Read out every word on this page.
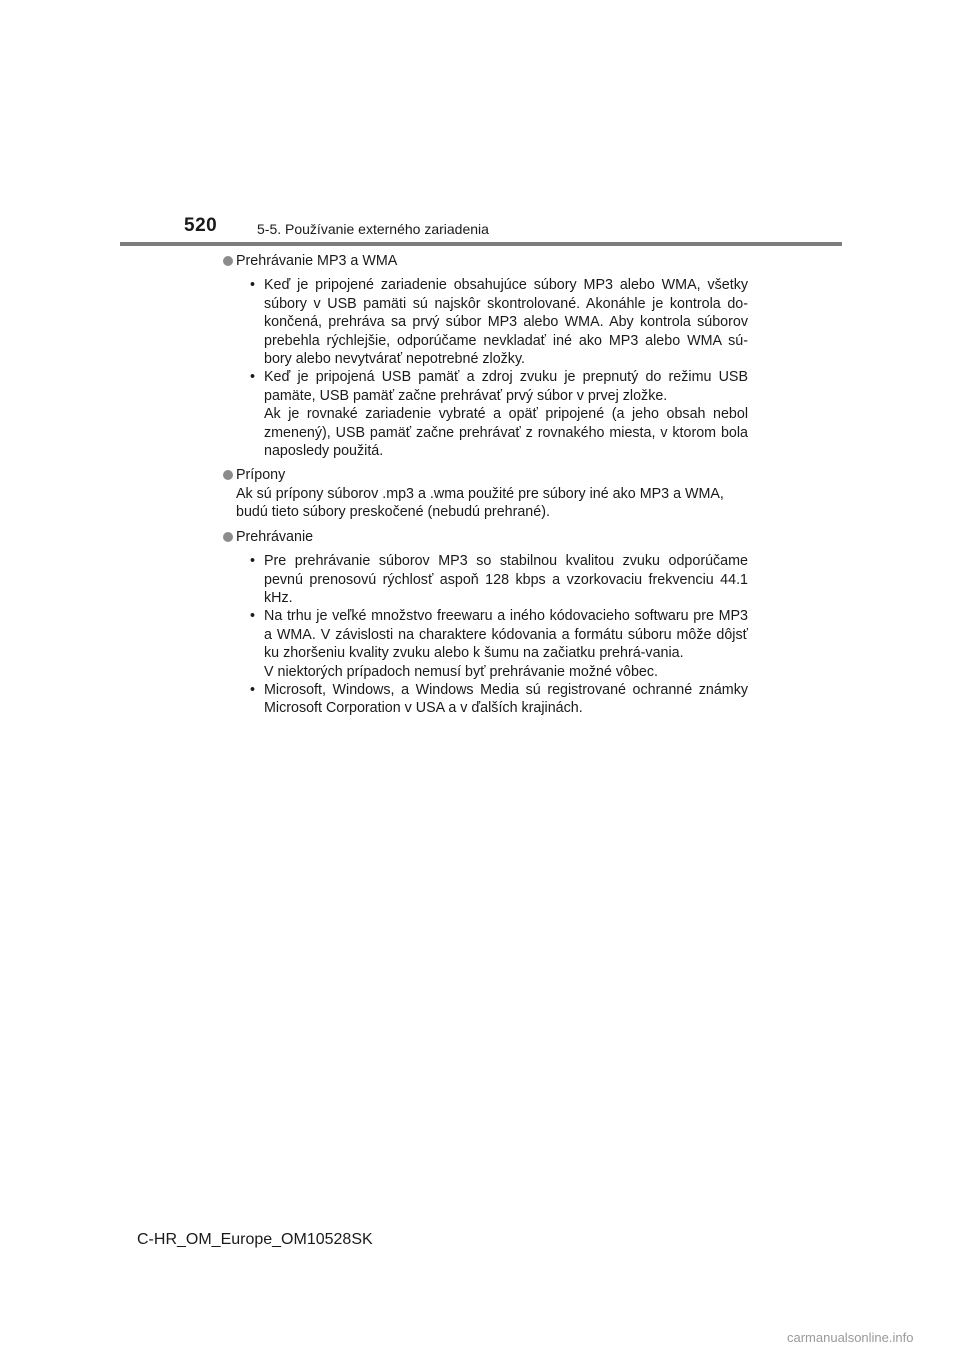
520	5-5. Používanie externého zariadenia
Prehrávanie MP3 a WMA
• Keď je pripojené zariadenie obsahujúce súbory MP3 alebo WMA, všetky súbory v USB pamäti sú najskôr skontrolované. Akonáhle je kontrola do-končená, prehráva sa prvý súbor MP3 alebo WMA. Aby kontrola súborov prebehla rýchlejšie, odporúčame nevkladať iné ako MP3 alebo WMA sú-bory alebo nevytvárať nepotrebné zložky.
• Keď je pripojená USB pamäť a zdroj zvuku je prepnutý do režimu USB pamäte, USB pamäť začne prehrávať prvý súbor v prvej zložke.
Ak je rovnaké zariadenie vybraté a opäť pripojené (a jeho obsah nebol zmenený), USB pamäť začne prehrávať z rovnakého miesta, v ktorom bola naposledy použitá.
Prípony
Ak sú prípony súborov .mp3 a .wma použité pre súbory iné ako MP3 a WMA, budú tieto súbory preskočené (nebudú prehrané).
Prehrávanie
• Pre prehrávanie súborov MP3 so stabilnou kvalitou zvuku odporúčame pevnú prenosovú rýchlosť aspoň 128 kbps a vzorkovaciu frekvenciu 44.1 kHz.
• Na trhu je veľké množstvo freewaru a iného kódovacieho softwaru pre MP3 a WMA. V závislosti na charaktere kódovania a formátu súboru môže dôjsť ku zhoršeniu kvality zvuku alebo k šumu na začiatku prehrá-vania.
V niektorých prípadoch nemusí byť prehrávanie možné vôbec.
• Microsoft, Windows, a Windows Media sú registrované ochranné známky Microsoft Corporation v USA a v ďalších krajinách.
C-HR_OM_Europe_OM10528SK
carmanualsonline.info
